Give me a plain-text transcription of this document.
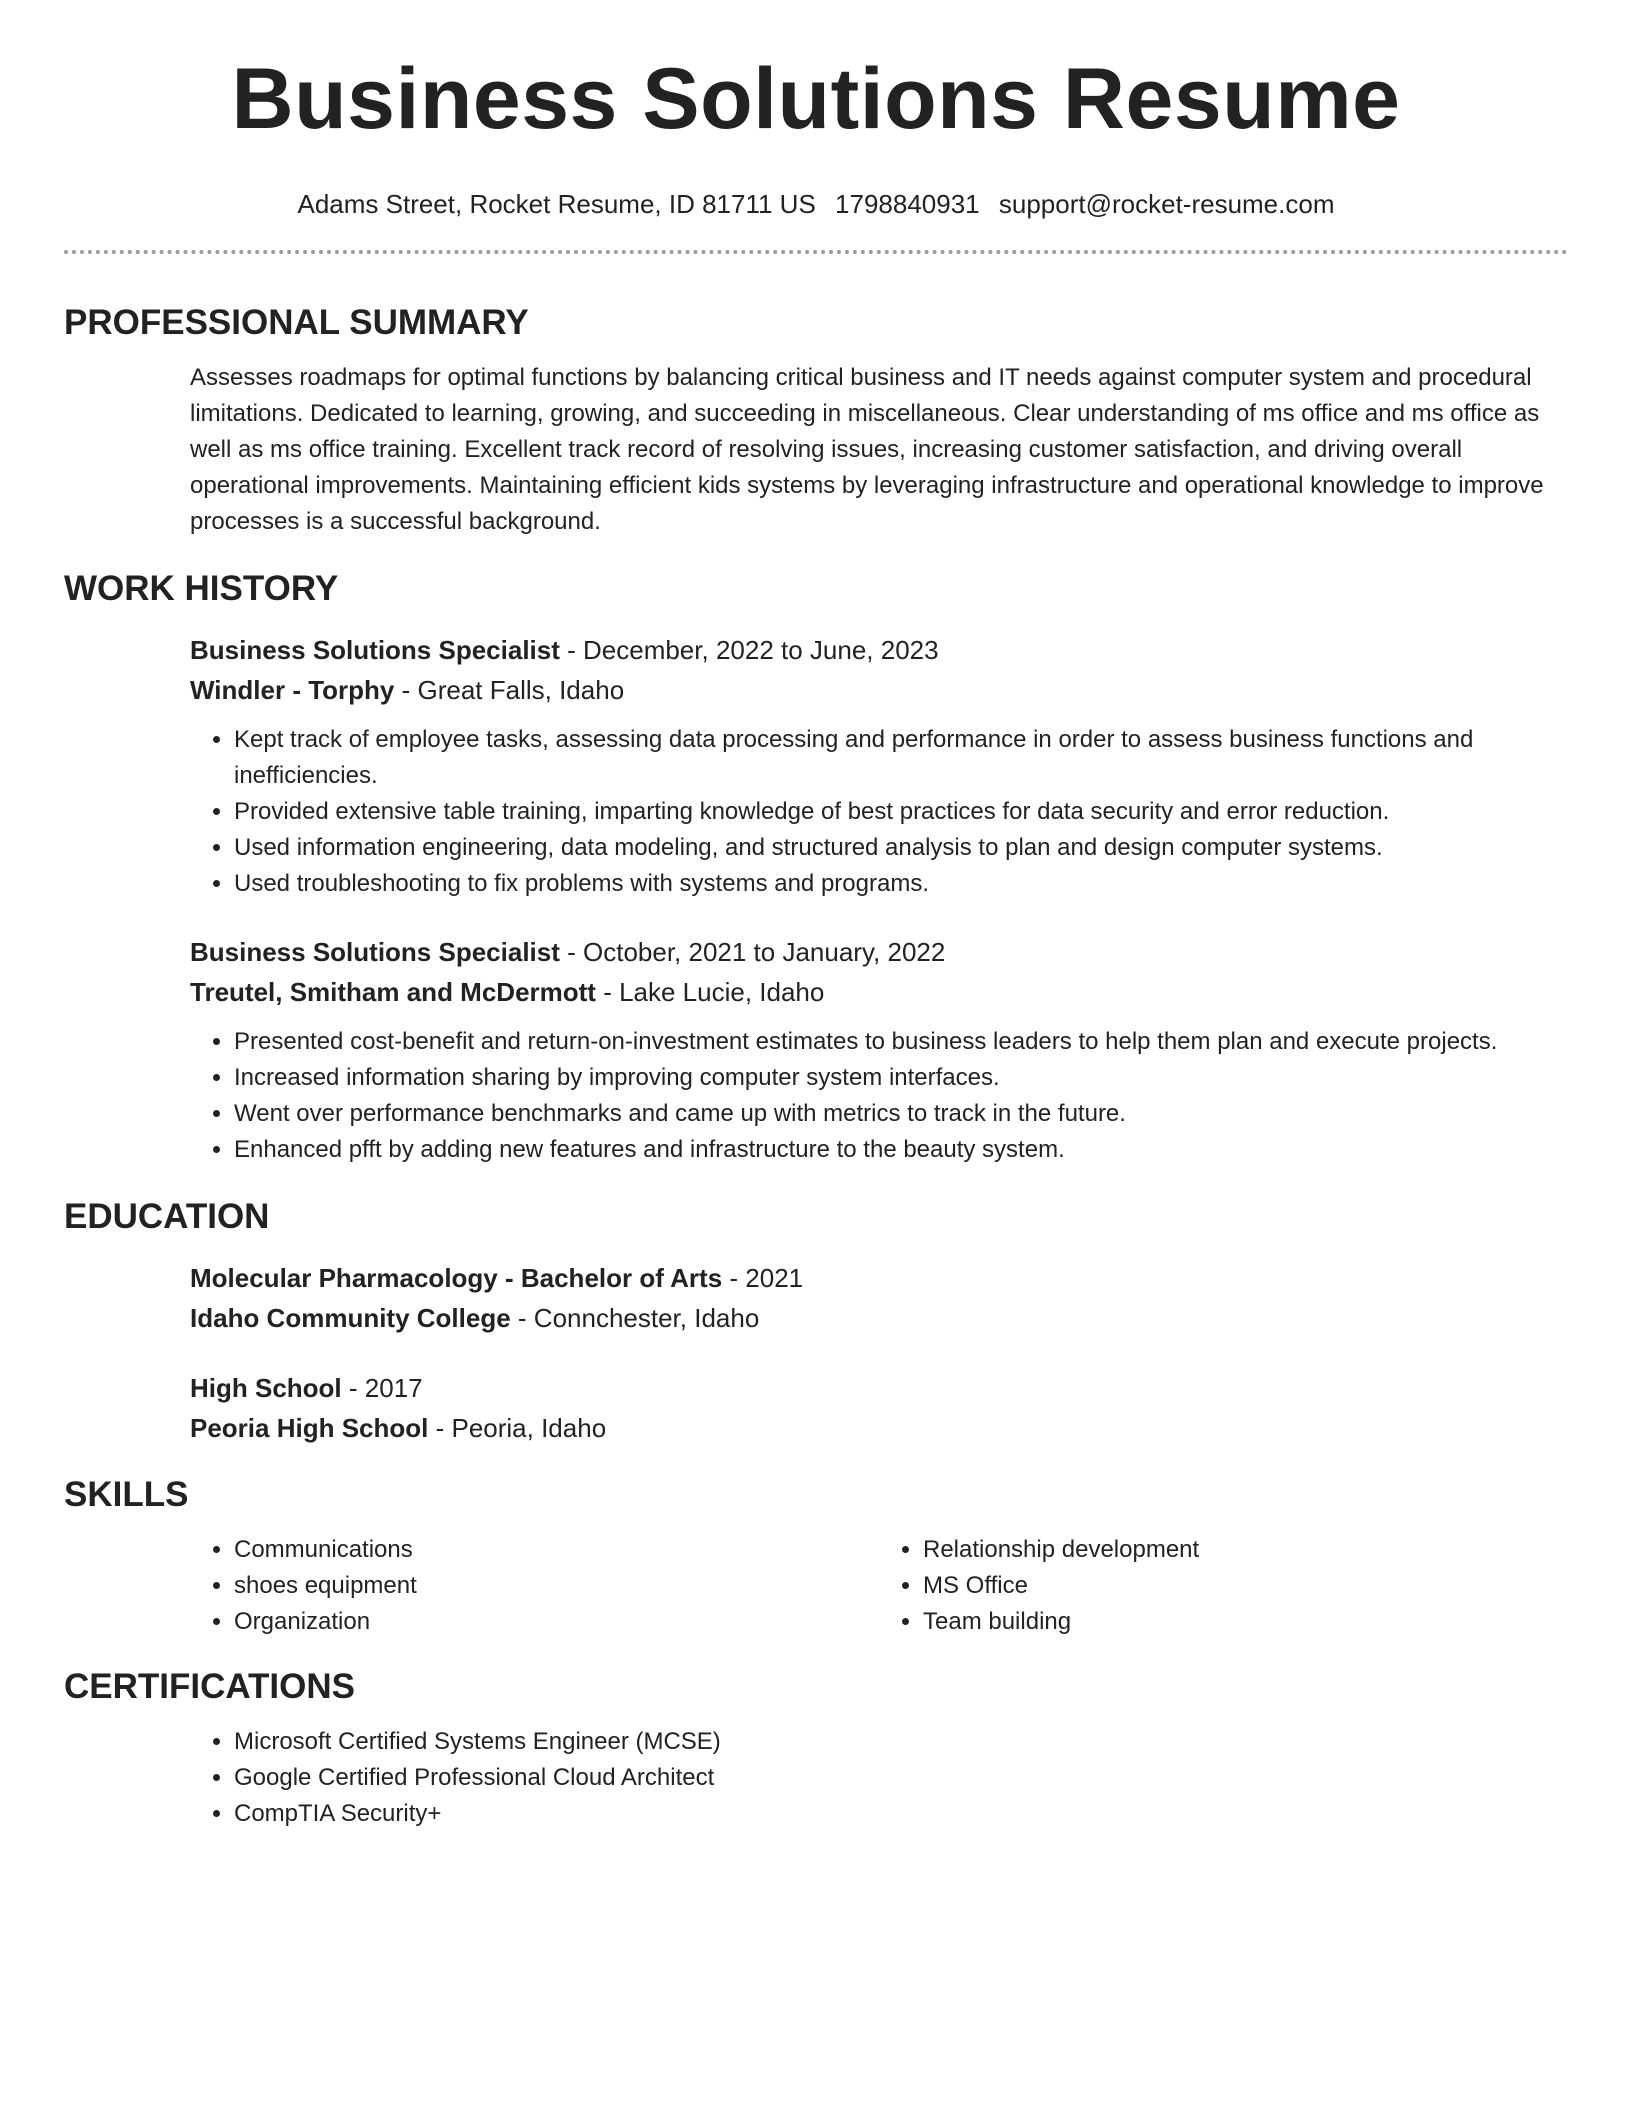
Business Solutions Resume
Adams Street, Rocket Resume, ID 81711 US 1798840931 support@rocket-resume.com
PROFESSIONAL SUMMARY

Assesses roadmaps for optimal functions by balancing critical business and IT needs against computer system and procedural limitations. Dedicated to learning, growing, and succeeding in miscellaneous. Clear understanding of ms office and ms office as well as ms office training. Excellent track record of resolving issues, increasing customer satisfaction, and driving overall operational improvements. Maintaining efficient kids systems by leveraging infrastructure and operational knowledge to improve processes is a successful background.

WORK HISTORY

Business Solutions Specialist - December, 2022 to June, 2023

Windler - Torphy - Great Falls, Idaho

• Kept track of employee tasks, assessing data processing and performance in order to assess business functions and inefficiencies.
• Provided extensive table training, imparting knowledge of best practices for data security and error reduction.
• Used information engineering, data modeling, and structured analysis to plan and design computer systems.
• Used troubleshooting to fix problems with systems and programs.

Business Solutions Specialist - October, 2021 to January, 2022

Treutel, Smitham and McDermott - Lake Lucie, Idaho

• Presented cost-benefit and return-on-investment estimates to business leaders to help them plan and execute projects.
• Increased information sharing by improving computer system interfaces.
• Went over performance benchmarks and came up with metrics to track in the future.
• Enhanced pfft by adding new features and infrastructure to the beauty system.
EDUCATION

Molecular Pharmacology - Bachelor of Arts - 2021

Idaho Community College - Connchester, Idaho

High School - 2017

Peoria High School - Peoria, Idaho

SKILLS
• Communications
• shoes equipment
• Organization
• Relationship development
• MS Office
• Team building
CERTIFICATIONS
• Microsoft Certified Systems Engineer (MCSE)
• Google Certified Professional Cloud Architect
• CompTIA Security+
